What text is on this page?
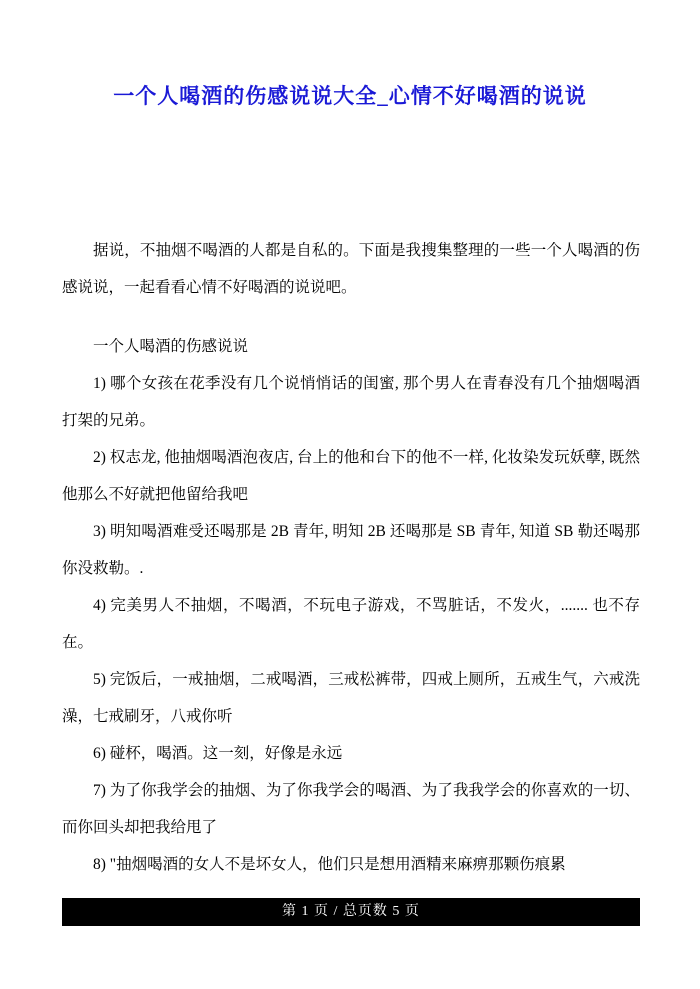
一个人喝酒的伤感说说大全_心情不好喝酒的说说

据说，不抽烟不喝酒的人都是自私的。下面是我搜集整理的一些一个人喝酒的伤感说说，一起看看心情不好喝酒的说说吧。

一个人喝酒的伤感说说

1) 哪个女孩在花季没有几个说悄悄话的闺蜜, 那个男人在青春没有几个抽烟喝酒打架的兄弟。

2) 权志龙, 他抽烟喝酒泡夜店, 台上的他和台下的他不一样, 化妆染发玩妖孽, 既然他那么不好就把他留给我吧

3) 明知喝酒难受还喝那是 2B 青年, 明知 2B 还喝那是 SB 青年, 知道 SB 勒还喝那你没救勒。.

4) 完美男人不抽烟，不喝酒，不玩电子游戏，不骂脏话，不发火，....... 也不存在。

5) 完饭后，一戒抽烟，二戒喝酒，三戒松裤带，四戒上厕所，五戒生气，六戒洗澡，七戒刷牙，八戒你听

6) 碰杯，喝酒。这一刻，好像是永远

7) 为了你我学会的抽烟、为了你我学会的喝酒、为了我我学会的你喜欢的一切、而你回头却把我给甩了

8) "抽烟喝酒的女人不是坏女人，他们只是想用酒精来麻痹那颗伤痕累

第 1 页 / 总页数 5 页
